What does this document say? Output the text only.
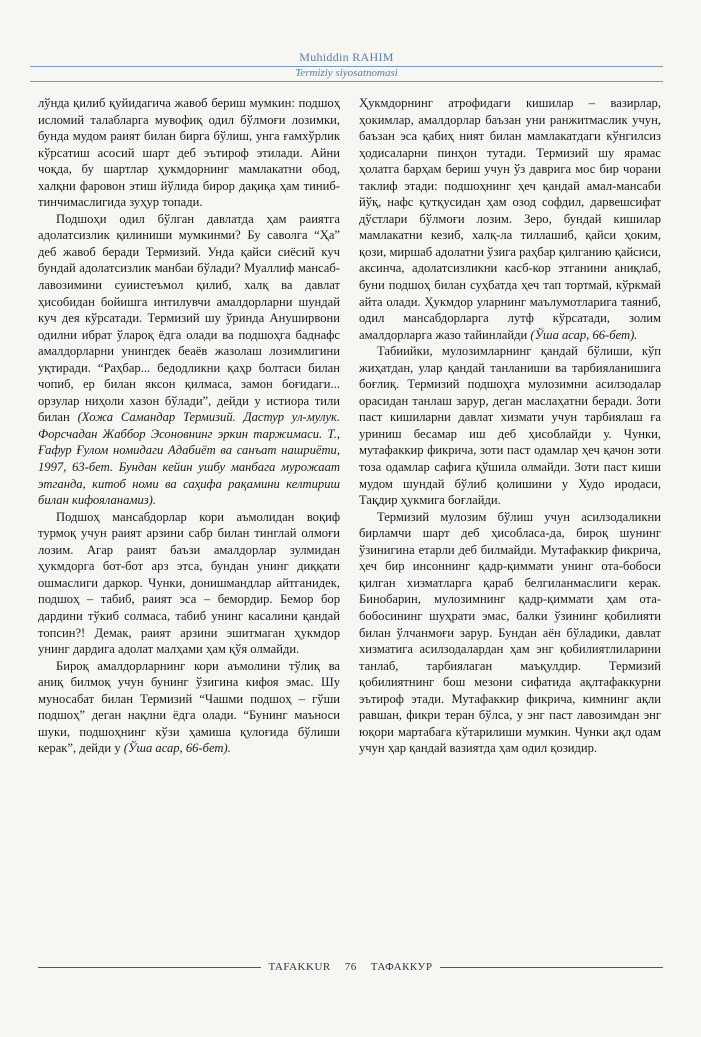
Muhiddin RAHIM
Termiziy siyosatnomasi

лўнда қилиб қуйидагича жавоб бериш мумкин: подшоҳ исломий талабларга мувофиқ одил бўлмоғи лозимки, бунда мудом раият билан бирга бўлиш, унга ғамхўрлик кўрсатиш асосий шарт деб эътироф этилади. Айни чоқда, бу шартлар ҳукмдорнинг мамлакатни обод, халқни фаровон этиш йўлида бирор дақиқа ҳам тиниб-тинчимаслигида зуҳур топади.

Подшоҳи одил бўлган давлатда ҳам раиятга адолатсизлик қилиниши мумкинми? Бу саволга “Ҳа” деб жавоб беради Термизий. Унда қайси сиёсий куч бундай адолатсизлик манбаи бўлади? Муаллиф мансаб-лавозимини суиистеъмол қилиб, халқ ва давлат ҳисобидан бойишга интилувчи амалдорларни шундай куч дея кўрсатади. Термизий шу ўринда Ануширвони одилни ибрат ўлароқ ёдга олади ва подшоҳга баднафс амалдорларни унингдек беаёв жазолаш лозимлигини уқтиради. “Раҳбар... бедодликни қаҳр болтаси билан чопиб, ер билан яксон қилмаса, замон боғидаги... орзулар ниҳоли хазон бўлади”, дейди у истиора тили билан (Хожа Самандар Термизий. Дастур ул-мулук. Форсчадан Жаббор Эсоновнинг эркин таржимаси. Т., Ғафур Ғулом номидаги Адабиёт ва санъат нашриёти, 1997, 63-бет. Бундан кейин ушбу манбага мурожаат этганда, китоб номи ва саҳифа рақамини келтириш билан кифояланамиз).

Подшоҳ мансабдорлар кори аъмолидан воқиф турмоқ учун раият арзини сабр билан тинглай олмоғи лозим. Агар раият баъзи амалдорлар зулмидан ҳукмдорга бот-бот арз этса, бундан унинг диққати ошмаслиги даркор. Чунки, донишмандлар айтганидек, подшоҳ – табиб, раият эса – бемордир. Бемор бор дардини тўкиб солмаса, табиб унинг касалини қандай топсин?! Демак, раият арзини эшитмаган ҳукмдор унинг дардига адолат малҳами ҳам қўя олмайди.

Бироқ амалдорларнинг кори аъмолини тўлиқ ва аниқ билмоқ учун бунинг ўзигина кифоя эмас. Шу муносабат билан Термизий “Чашми подшоҳ – гўши подшоҳ” деган нақлни ёдга олади. “Бунинг маъноси шуки, подшоҳнинг кўзи ҳамиша қулоғида бўлиши керак”, дейди у (Ўша асар, 66-бет).

Ҳукмдорнинг атрофидаги кишилар – вазирлар, ҳокимлар, амалдорлар баъзан уни ранжитмаслик учун, баъзан эса қабиҳ ният билан мамлакатдаги кўнгилсиз ҳодисаларни пинҳон тутади. Термизий шу ярамас ҳолатга барҳам бериш учун ўз даврига мос бир чорани таклиф этади: подшоҳнинг ҳеч қандай амал-мансаби йўқ, нафс қутқусидан ҳам озод софдил, дарвешсифат дўстлари бўлмоғи лозим. Зеро, бундай кишилар мамлакатни кезиб, халқ-ла тиллашиб, қайси ҳоким, қози, миршаб адолатни ўзига раҳбар қилганию қайсиси, аксинча, адолатсизликни касб-кор этганини аниқлаб, буни подшоҳ билан суҳбатда ҳеч тап тортмай, кўркмай айта олади. Ҳукмдор уларнинг маълумотларига таяниб, одил мансабдорларга лутф кўрсатади, золим амалдорларга жазо тайинлайди (Ўша асар, 66-бет).

Табиийки, мулозимларнинг қандай бўлиши, кўп жиҳатдан, улар қандай танланиши ва тарбияланишига боғлиқ. Термизий подшоҳга мулозимни асилзодалар орасидан танлаш зарур, деган маслаҳатни беради. Зоти паст кишиларни давлат хизмати учун тарбиялаш ға уриниш бесамар иш деб ҳисоблайди у. Чунки, мутафаккир фикрича, зоти паст одамлар ҳеч қачон зоти тоза одамлар сафига қўшила олмайди. Зоти паст киши мудом шундай бўлиб қолишини у Худо иродаси, Тақдир ҳукмига боғлайди.

Термизий мулозим бўлиш учун асилзодаликни бирламчи шарт деб ҳисобласа-да, бироқ шунинг ўзинигина етарли деб билмайди. Мутафаккир фикрича, ҳеч бир инсоннинг қадр-қиммати унинг ота-бобоси қилган хизматларга қараб белгиланмаслиги керак. Бинобарин, мулозимнинг қадр-қиммати ҳам ота-бобосининг шуҳрати эмас, балки ўзининг қобилияти билан ўлчанмоғи зарур. Бундан аён бўладики, давлат хизматига асилзодалардан ҳам энг қобилиятлиларини танлаб, тарбиялаган маъқулдир. Термизий қобилиятнинг бош мезони сифатида ақлтафаккурни эътироф этади. Мутафаккир фикрича, кимнинг ақли равшан, фикри теран бўлса, у энг паст лавозимдан энг юқори мартабага кўтарилиши мумкин. Чунки ақл одам учун ҳар қандай вазиятда ҳам одил қозидир.

TAFAKKUR	76	ТАФАККУР
